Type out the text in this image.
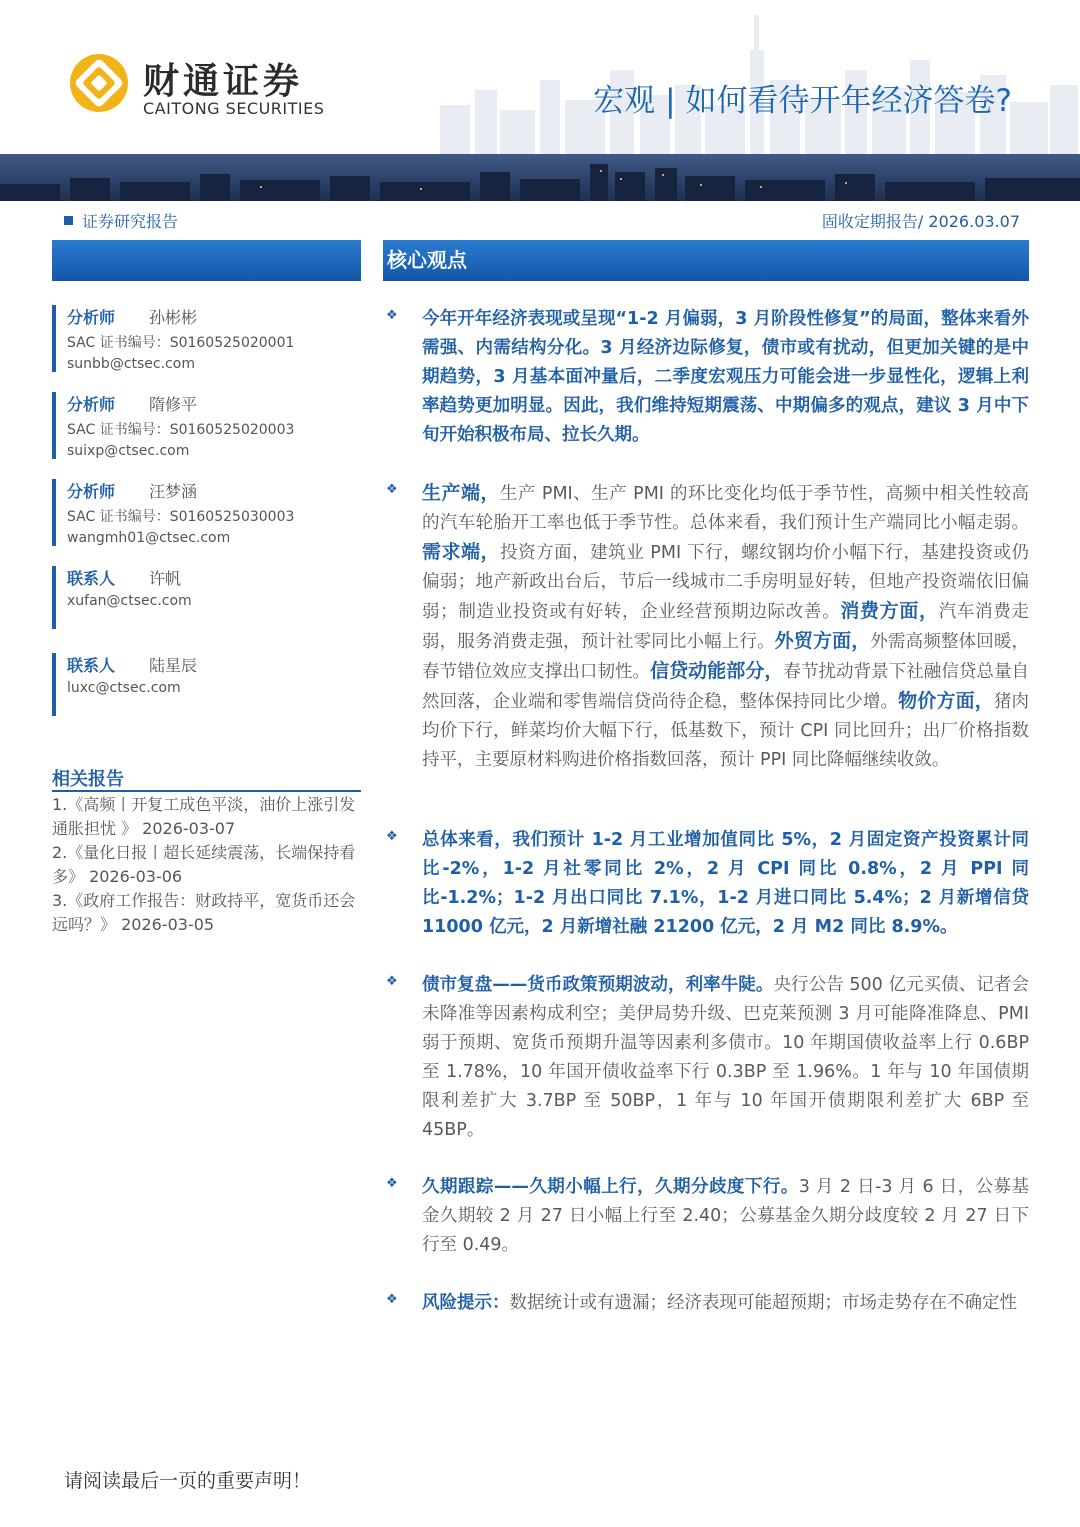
财通证券
CAITONG SECURITIES	宏观 | 如何看待开年经济答卷?
证券研究报告	固收定期报告/ 2026.03.07
分析师 孙彬彬
SAC 证书编号：S0160525020001
sunbb@ctsec.com
分析师 隋修平
SAC 证书编号：S0160525020003
suixp@ctsec.com
分析师 汪梦涵
SAC 证书编号：S0160525030003
wangmh01@ctsec.com
联系人 许帆
xufan@ctsec.com
联系人 陆星辰
luxc@ctsec.com
相关报告
1.《高频丨开复工成色平淡，油价上涨引发通胀担忧 》 2026-03-07
2.《量化日报丨超长延续震荡，长端保持看多》 2026-03-06
3.《政府工作报告：财政持平，宽货币还会远吗？》 2026-03-05
核心观点
❖ 今年开年经济表现或呈现“1-2 月偏弱，3 月阶段性修复”的局面，整体来看外需强、内需结构分化。3 月经济边际修复，债市或有扰动，但更加关键的是中期趋势，3 月基本面冲量后，二季度宏观压力可能会进一步显性化，逻辑上利率趋势更加明显。因此，我们维持短期震荡、中期偏多的观点，建议 3 月中下旬开始积极布局、拉长久期。
❖ 生产端，生产 PMI、生产 PMI 的环比变化均低于季节性，高频中相关性较高的汽车轮胎开工率也低于季节性。总体来看，我们预计生产端同比小幅走弱。需求端，投资方面，建筑业 PMI 下行，螺纹钢均价小幅下行，基建投资或仍偏弱；地产新政出台后，节后一线城市二手房明显好转，但地产投资端依旧偏弱；制造业投资或有好转，企业经营预期边际改善。消费方面，汽车消费走弱，服务消费走强，预计社零同比小幅上行。外贸方面，外需高频整体回暖，春节错位效应支撑出口韧性。信贷动能部分，春节扰动背景下社融信贷总量自然回落，企业端和零售端信贷尚待企稳，整体保持同比少增。物价方面，猪肉均价下行，鲜菜均价大幅下行，低基数下，预计 CPI 同比回升；出厂价格指数持平，主要原材料购进价格指数回落，预计 PPI 同比降幅继续收敛。
❖ 总体来看，我们预计 1-2 月工业增加值同比 5%，2 月固定资产投资累计同比-2%，1-2 月社零同比 2%，2 月 CPI 同比 0.8%，2 月 PPI 同比-1.2%；1-2 月出口同比 7.1%，1-2 月进口同比 5.4%；2 月新增信贷 11000 亿元，2 月新增社融 21200 亿元，2 月 M2 同比 8.9%。
❖ 债市复盘——货币政策预期波动，利率牛陡。央行公告 500 亿元买债、记者会未降准等因素构成利空；美伊局势升级、巴克莱预测 3 月可能降准降息、PMI 弱于预期、宽货币预期升温等因素利多债市。10 年期国债收益率上行 0.6BP 至 1.78%，10 年国开债收益率下行 0.3BP 至 1.96%。1 年与 10 年国债期限利差扩大 3.7BP 至 50BP，1 年与 10 年国开债期限利差扩大 6BP 至 45BP。
❖ 久期跟踪——久期小幅上行，久期分歧度下行。3 月 2 日-3 月 6 日，公募基金久期较 2 月 27 日小幅上行至 2.40；公募基金久期分歧度较 2 月 27 日下行至 0.49。
❖ 风险提示：数据统计或有遗漏；经济表现可能超预期；市场走势存在不确定性
请阅读最后一页的重要声明！
